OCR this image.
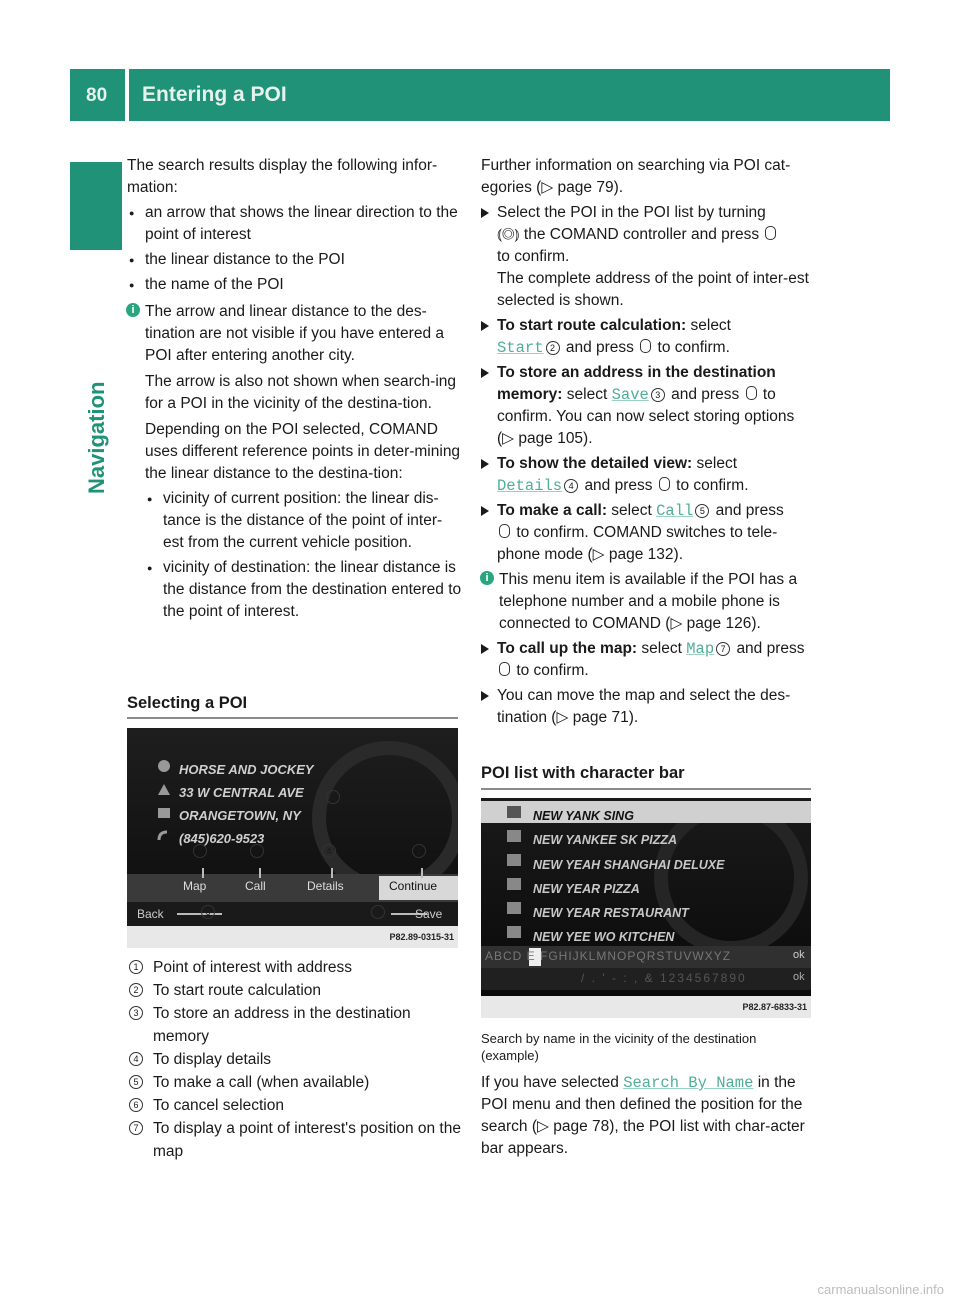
80 Entering a POI
Navigation

The search results display the following infor-mation:

● an arrow that shows the linear direction to the point of interest

● the linear distance to the POI

● the name of the POI

i The arrow and linear distance to the des-tination are not visible if you have entered a POI after entering another city.

The arrow is also not shown when search-ing for a POI in the vicinity of the destina-tion.

Depending on the POI selected, COMAND uses different reference points in deter-mining the linear distance to the destina-tion:

● vicinity of current position: the linear dis-tance is the distance of the point of inter-est from the current vehicle position.

● vicinity of destination: the linear distance is the distance from the destination entered to the point of interest.

Selecting a POI
HORSE AND JOCKEY
33 W CENTRAL AVE
ORANGETOWN, NY
(845)620-9523
Map	Call	Details	Continue
Back	Save
P82.89-0315-31
1
7	5	4	2
6	3

1 Point of interest with address

2 To start route calculation

3 To store an address in the destination memory

4 To display details

5 To make a call (when available)

6 To cancel selection

7 To display a point of interest's position on the map

Further information on searching via POI cat-egories (▷ page 79).

Select the POI in the POI list by turning
⦅◎⦆ the COMAND controller and press
to confirm.
The complete address of the point of inter-est selected is shown.

To start route calculation: select
Start 2 and press to confirm.

To store an address in the destination memory: select Save 3 and press to confirm. You can now select storing options (▷ page 105).

To show the detailed view: select
Details 4 and press to confirm.

To make a call: select Call 5 and press
to confirm. COMAND switches to tele-phone mode (▷ page 132).

i This menu item is available if the POI has a telephone number and a mobile phone is connected to COMAND (▷ page 126).

To call up the map: select Map 7 and press
to confirm.

You can move the map and select the des-tination (▷ page 71).

POI list with character bar
NEW YANK SING
NEW YANKEE SK PIZZA
NEW YEAH SHANGHAI DELUXE
NEW YEAR PIZZA
NEW YEAR RESTAURANT
NEW YEE WO KITCHEN
ABCD E FGHIJKLMNOPQRSTUVWXYZ	ok
/ . ' - : , & 1234567890	ok
P82.87-6833-31
Search by name in the vicinity of the destination (example)

If you have selected Search By Name in the POI menu and then defined the position for the search (▷ page 78), the POI list with char-acter bar appears.

carmanualsonline.info
